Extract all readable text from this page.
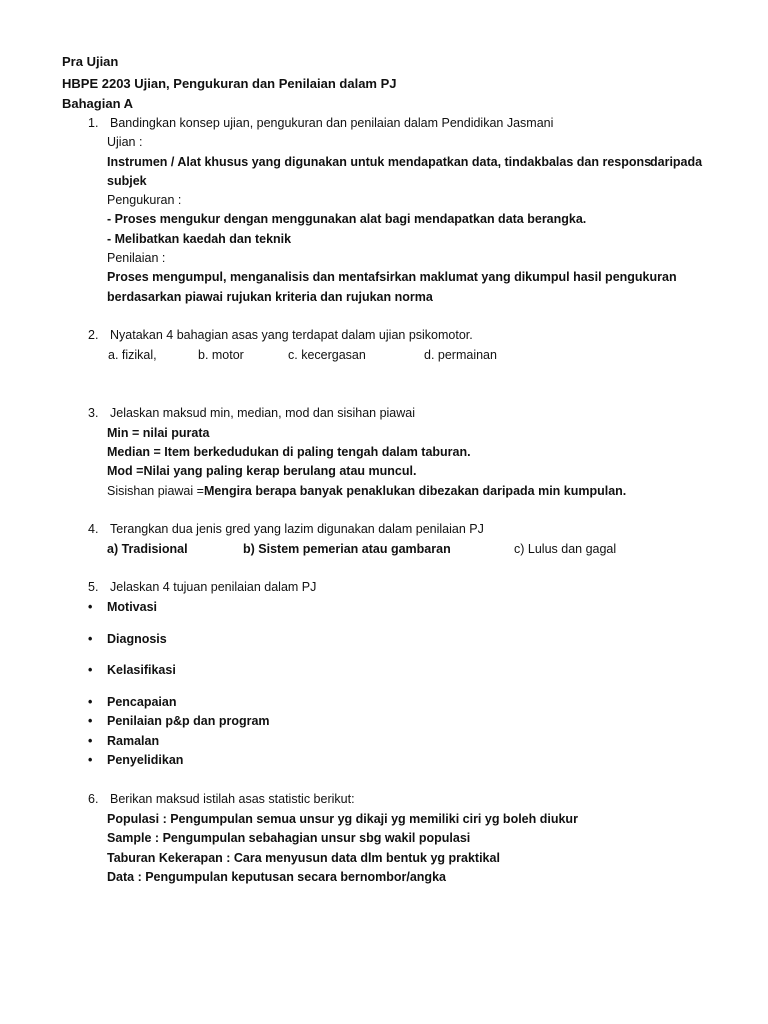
Pra Ujian
HBPE 2203 Ujian, Pengukuran dan Penilaian dalam PJ
Bahagian A
1. Bandingkan konsep ujian, pengukuran dan penilaian dalam Pendidikan Jasmani
Ujian :
Instrumen / Alat khusus yang digunakan untuk mendapatkan data, tindakbalas dan respons
daripada
subjek
Pengukuran :
- Proses mengukur dengan menggunakan alat bagi mendapatkan data berangka.
- Melibatkan kaedah dan teknik
Penilaian :
Proses mengumpul, menganalisis dan mentafsirkan maklumat yang dikumpul hasil pengukuran
berdasarkan piawai rujukan kriteria dan rujukan norma
2. Nyatakan 4 bahagian asas yang terdapat dalam ujian psikomotor.
a. fizikal,	b. motor	c. kecergasan	d. permainan
3. Jelaskan maksud min, median, mod dan sisihan piawai
Min = nilai purata
Median = Item berkedudukan di paling tengah dalam taburan.
Mod =Nilai yang paling kerap berulang atau muncul.
Sisishan piawai =Mengira berapa banyak penaklukan dibezakan daripada min kumpulan.
4. Terangkan dua jenis gred yang lazim digunakan dalam penilaian PJ
a) Tradisional	b) Sistem pemerian atau gambaran	c) Lulus dan gagal
5. Jelaskan 4 tujuan penilaian dalam PJ
• Motivasi
• Diagnosis
• Kelasifikasi
• Pencapaian
• Penilaian p&p dan program
• Ramalan
• Penyelidikan
6. Berikan maksud istilah asas statistic berikut:
Populasi : Pengumpulan semua unsur yg dikaji yg memiliki ciri yg boleh diukur
Sample : Pengumpulan sebahagian unsur sbg wakil populasi
Taburan Kekerapan : Cara menyusun data dlm bentuk yg praktikal
Data : Pengumpulan keputusan secara bernombor/angka
